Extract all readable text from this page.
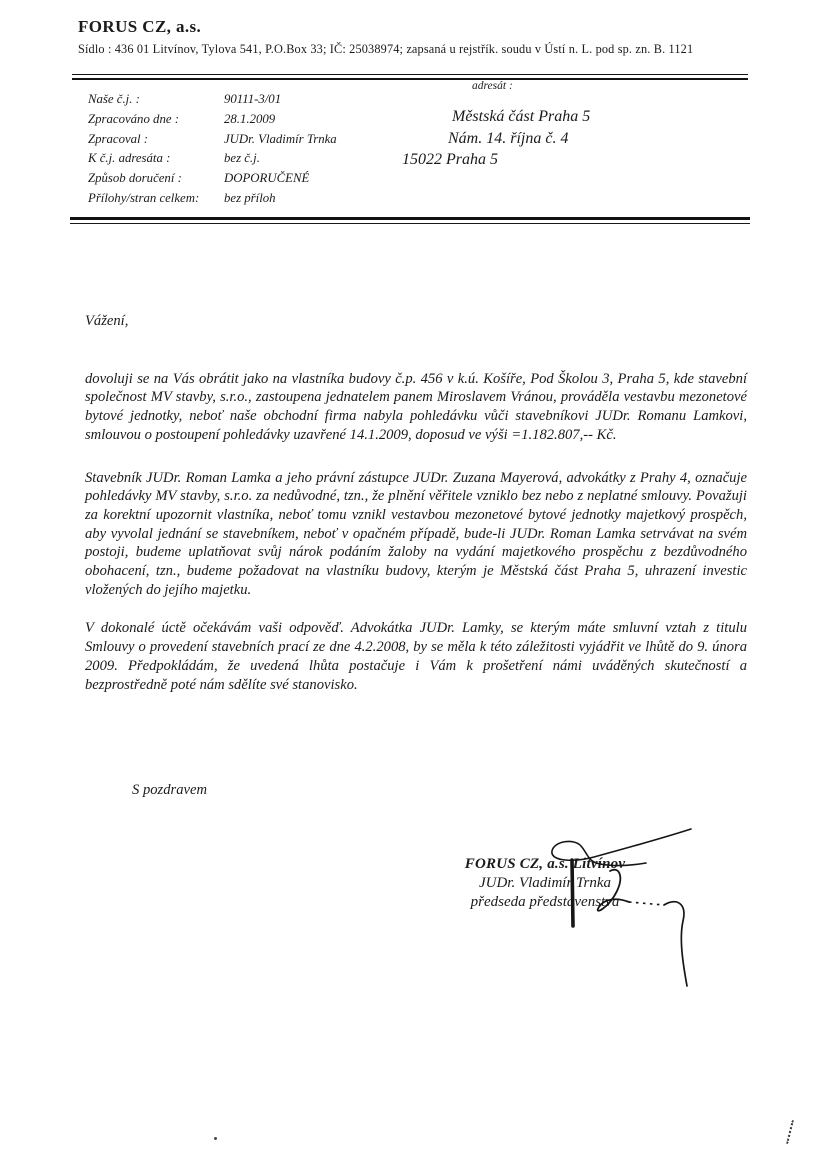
FORUS CZ, a.s.
Sídlo : 436 01 Litvínov, Tylova 541, P.O.Box 33; IČ: 25038974; zapsaná u rejstřík. soudu v Ústí n. L. pod sp. zn. B. 1121
adresát :
Naše č.j. :	90111-3/01
Zpracováno dne :	28.1.2009
Zpracoval :	JUDr. Vladimír Trnka
K č.j. adresáta :	bez č.j.
Způsob doručení :	DOPORUČENÉ
Přílohy/stran celkem:	bez příloh
Městská část Praha 5
Nám. 14. října č. 4
15022 Praha 5
Vážení,

dovoluji se na Vás obrátit jako na vlastníka budovy č.p. 456 v k.ú. Košíře, Pod Školou 3, Praha 5, kde stavební společnost MV stavby, s.r.o., zastoupena jednatelem panem Miroslavem Vránou, prováděla vestavbu mezonetové bytové jednotky, neboť naše obchodní firma nabyla pohledávku vůči stavebníkovi JUDr. Romanu Lamkovi, smlouvou o postoupení pohledávky uzavřené 14.1.2009, doposud ve výši =1.182.807,-- Kč.

Stavebník JUDr. Roman Lamka a jeho právní zástupce JUDr. Zuzana Mayerová, advokátky z Prahy 4, označuje pohledávky MV stavby, s.r.o. za nedůvodné, tzn., že plnění věřitele vzniklo bez nebo z neplatné smlouvy. Považuji za korektní upozornit vlastníka, neboť tomu vznikl vestavbou mezonetové bytové jednotky majetkový prospěch, aby vyvolal jednání se stavebníkem, neboť v opačném případě, bude-li JUDr. Roman Lamka setrvávat na svém postoji, budeme uplatňovat svůj nárok podáním žaloby na vydání majetkového prospěchu z bezdůvodného obohacení, tzn., budeme požadovat na vlastníku budovy, kterým je Městská část Praha 5, uhrazení investic vložených do jejího majetku.

V dokonalé úctě očekávám vaši odpověď. Advokátka JUDr. Lamky, se kterým máte smluvní vztah z titulu Smlouvy o provedení stavebních prací ze dne 4.2.2008, by se měla k této záležitosti vyjádřit ve lhůtě do 9. února 2009. Předpokládám, že uvedená lhůta postačuje i Vám k prošetření námi uváděných skutečností a bezprostředně poté nám sdělíte své stanovisko.

S pozdravem
FORUS CZ, a.s. Litvínov
JUDr. Vladimír Trnka
předseda představenstva
